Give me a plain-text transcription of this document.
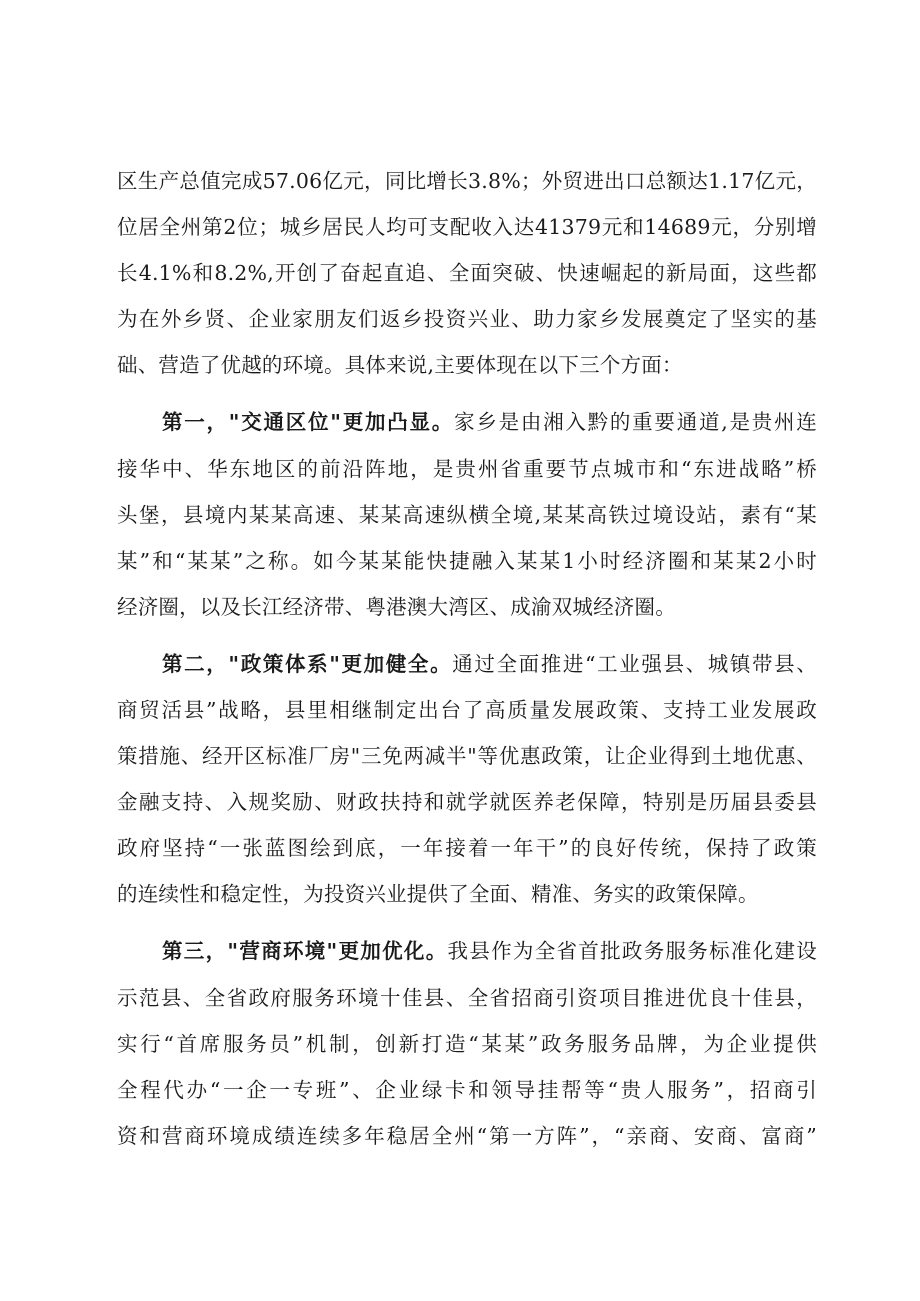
区生产总值完成57.06亿元，同比增长3.8%；外贸进出口总额达1.17亿元，
位居全州第2位；城乡居民人均可支配收入达41379元和14689元，分别增
长4.1%和8.2%,开创了奋起直追、全面突破、快速崛起的新局面，这些都
为在外乡贤、企业家朋友们返乡投资兴业、助力家乡发展奠定了坚实的基
础、营造了优越的环境。具体来说,主要体现在以下三个方面：
第一，"交通区位"更加凸显。家乡是由湘入黔的重要通道,是贵州连
接华中、华东地区的前沿阵地，是贵州省重要节点城市和“东进战略”桥
头堡，县境内某某高速、某某高速纵横全境,某某高铁过境设站，素有“某
某”和“某某”之称。如今某某能快捷融入某某1小时经济圈和某某2小时
经济圈，以及长江经济带、粤港澳大湾区、成渝双城经济圈。
第二，"政策体系"更加健全。通过全面推进“工业强县、城镇带县、
商贸活县”战略，县里相继制定出台了高质量发展政策、支持工业发展政
策措施、经开区标准厂房"三免两减半"等优惠政策，让企业得到土地优惠、
金融支持、入规奖励、财政扶持和就学就医养老保障，特别是历届县委县
政府坚持“一张蓝图绘到底，一年接着一年干”的良好传统，保持了政策
的连续性和稳定性，为投资兴业提供了全面、精准、务实的政策保障。
第三，"营商环境"更加优化。我县作为全省首批政务服务标准化建设
示范县、全省政府服务环境十佳县、全省招商引资项目推进优良十佳县，
实行“首席服务员”机制，创新打造“某某”政务服务品牌，为企业提供
全程代办“一企一专班”、企业绿卡和领导挂帮等“贵人服务”，招商引
资和营商环境成绩连续多年稳居全州“第一方阵”，“亲商、安商、富商”
